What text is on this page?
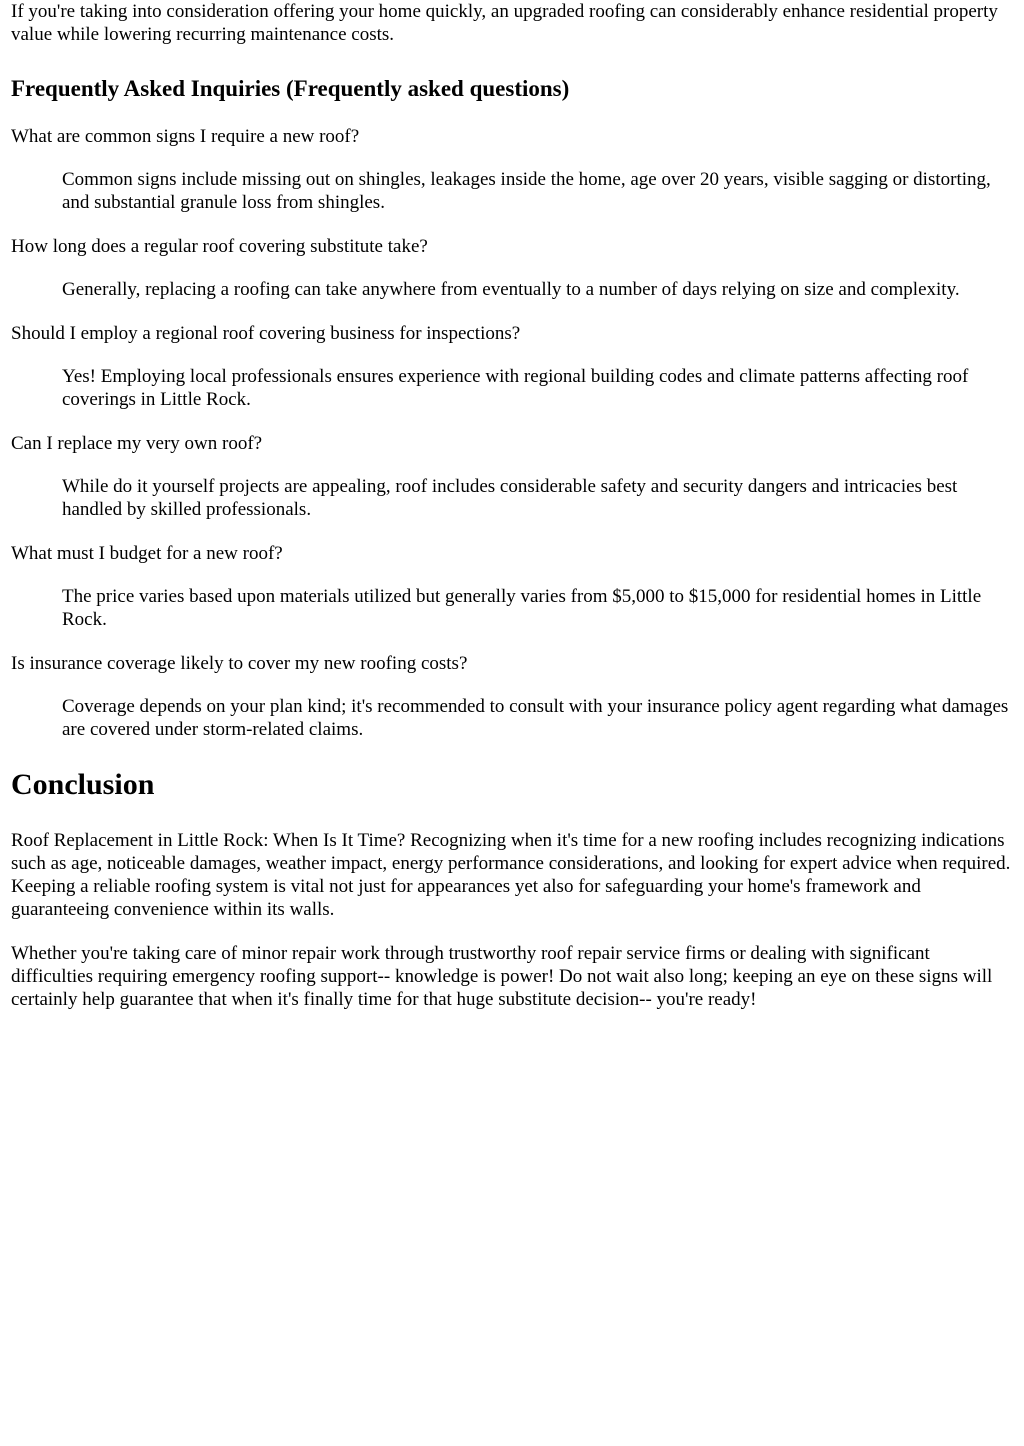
If you're taking into consideration offering your home quickly, an upgraded roofing can considerably enhance residential property value while lowering recurring maintenance costs.

Frequently Asked Inquiries (Frequently asked questions)

What are common signs I require a new roof?

Common signs include missing out on shingles, leakages inside the home, age over 20 years, visible sagging or distorting, and substantial granule loss from shingles.

How long does a regular roof covering substitute take?

Generally, replacing a roofing can take anywhere from eventually to a number of days relying on size and complexity.

Should I employ a regional roof covering business for inspections?

Yes! Employing local professionals ensures experience with regional building codes and climate patterns affecting roof coverings in Little Rock.

Can I replace my very own roof?

While do it yourself projects are appealing, roof includes considerable safety and security dangers and intricacies best handled by skilled professionals.

What must I budget for a new roof?

The price varies based upon materials utilized but generally varies from $5,000 to $15,000 for residential homes in Little Rock.

Is insurance coverage likely to cover my new roofing costs?

Coverage depends on your plan kind; it's recommended to consult with your insurance policy agent regarding what damages are covered under storm-related claims.

Conclusion

Roof Replacement in Little Rock: When Is It Time? Recognizing when it's time for a new roofing includes recognizing indications such as age, noticeable damages, weather impact, energy performance considerations, and looking for expert advice when required. Keeping a reliable roofing system is vital not just for appearances yet also for safeguarding your home's framework and guaranteeing convenience within its walls.

Whether you're taking care of minor repair work through trustworthy roof repair service firms or dealing with significant difficulties requiring emergency roofing support-- knowledge is power! Do not wait also long; keeping an eye on these signs will certainly help guarantee that when it's finally time for that huge substitute decision-- you're ready!
